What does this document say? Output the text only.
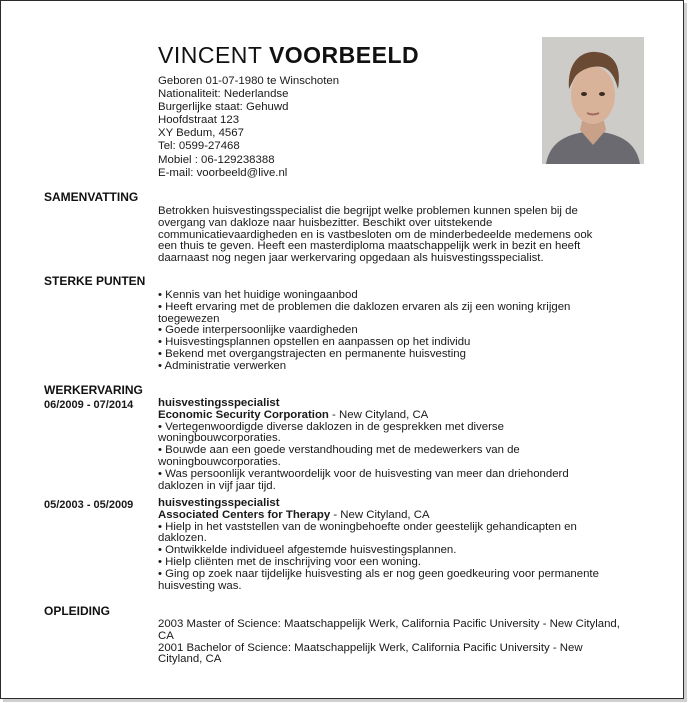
VINCENT VOORBEELD
Geboren 01-07-1980 te Winschoten
Nationaliteit: Nederlandse
Burgerlijke staat: Gehuwd
Hoofdstraat 123
XY Bedum, 4567
Tel: 0599-27468
Mobiel : 06-129238388
E-mail: voorbeeld@live.nl
SAMENVATTING
Betrokken huisvestingsspecialist die begrijpt welke problemen kunnen spelen bij de
overgang van dakloze naar huisbezitter. Beschikt over uitstekende
communicatievaardigheden en is vastbesloten om de minderbedeelde medemens ook
een thuis te geven. Heeft een masterdiploma maatschappelijk werk in bezit en heeft
daarnaast nog negen jaar werkervaring opgedaan als huisvestingsspecialist.
STERKE PUNTEN
• Kennis van het huidige woningaanbod
• Heeft ervaring met de problemen die daklozen ervaren als zij een woning krijgen
toegewezen
• Goede interpersoonlijke vaardigheden
• Huisvestingsplannen opstellen en aanpassen op het individu
• Bekend met overgangstrajecten en permanente huisvesting
• Administratie verwerken
WERKERVARING
06/2009 - 07/2014 huisvestingsspecialist
Economic Security Corporation - New Cityland, CA
• Vertegenwoordigde diverse daklozen in de gesprekken met diverse
woningbouwcorporaties.
• Bouwde aan een goede verstandhouding met de medewerkers van de
woningbouwcorporaties.
• Was persoonlijk verantwoordelijk voor de huisvesting van meer dan driehonderd
daklozen in vijf jaar tijd.
05/2003 - 05/2009 huisvestingsspecialist
Associated Centers for Therapy - New Cityland, CA
• Hielp in het vaststellen van de woningbehoefte onder geestelijk gehandicapten en
daklozen.
• Ontwikkelde individueel afgestemde huisvestingsplannen.
• Hielp cliënten met de inschrijving voor een woning.
• Ging op zoek naar tijdelijke huisvesting als er nog geen goedkeuring voor permanente
huisvesting was.
OPLEIDING
2003 Master of Science: Maatschappelijk Werk, California Pacific University - New Cityland,
CA
2001 Bachelor of Science: Maatschappelijk Werk, California Pacific University - New
Cityland, CA
